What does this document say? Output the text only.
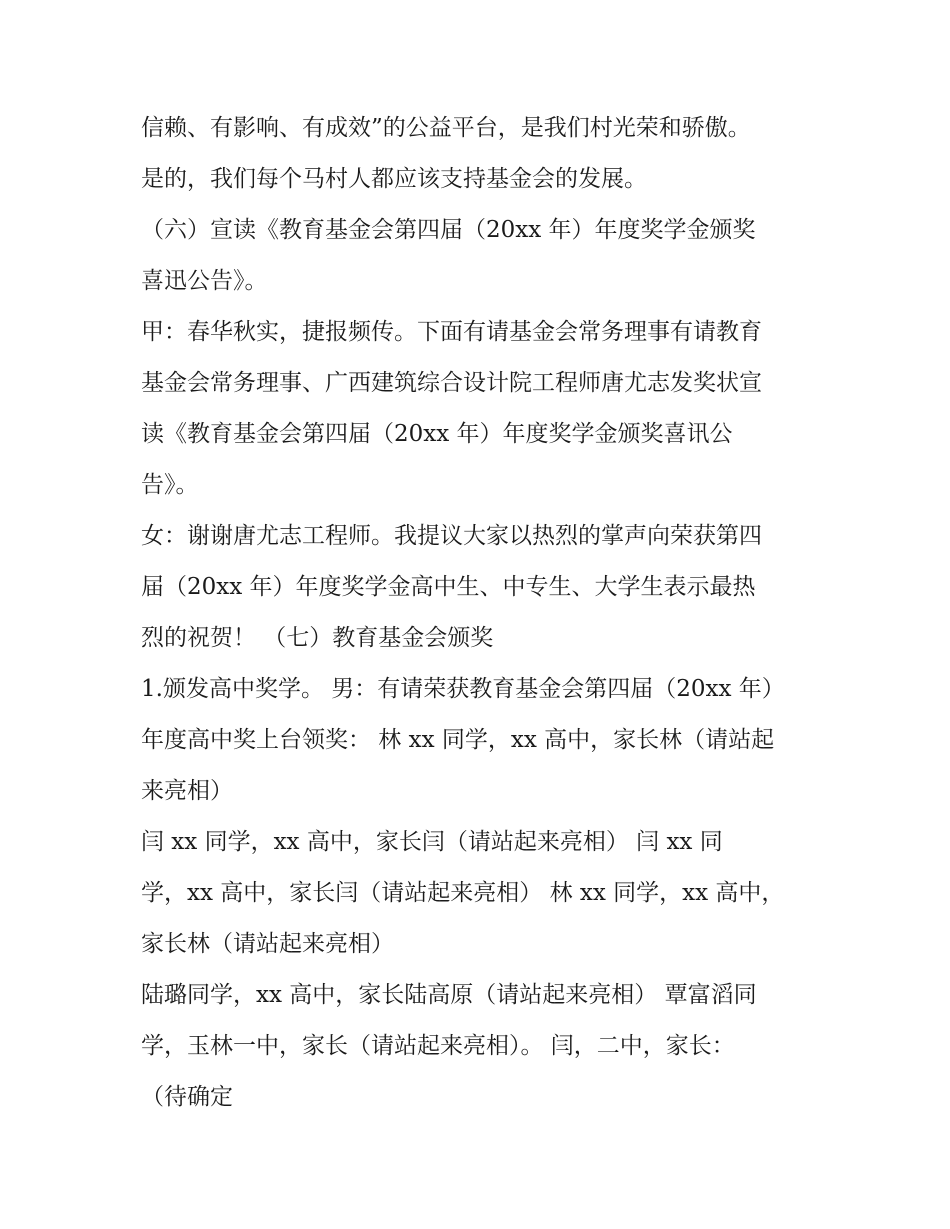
信赖、有影响、有成效”的公益平台，是我们村光荣和骄傲。
是的，我们每个马村人都应该支持基金会的发展。
（六）宣读《教育基金会第四届（20xx 年）年度奖学金颁奖
喜迅公告》。
甲：春华秋实，捷报频传。下面有请基金会常务理事有请教育
基金会常务理事、广西建筑综合设计院工程师唐尤志发奖状宣
读《教育基金会第四届（20xx 年）年度奖学金颁奖喜讯公
告》。
女：谢谢唐尤志工程师。我提议大家以热烈的掌声向荣获第四
届（20xx 年）年度奖学金高中生、中专生、大学生表示最热
烈的祝贺！ （七）教育基金会颁奖
1.颁发高中奖学。 男：有请荣获教育基金会第四届（20xx 年）
年度高中奖上台领奖： 林 xx 同学，xx 高中，家长林（请站起
来亮相）
闫 xx 同学，xx 高中，家长闫（请站起来亮相） 闫 xx 同
学，xx 高中，家长闫（请站起来亮相） 林 xx 同学，xx 高中，
家长林（请站起来亮相）
陆璐同学，xx 高中，家长陆高原（请站起来亮相） 覃富滔同
学，玉林一中，家长（请站起来亮相）。 闫，二中，家长：
（待确定
